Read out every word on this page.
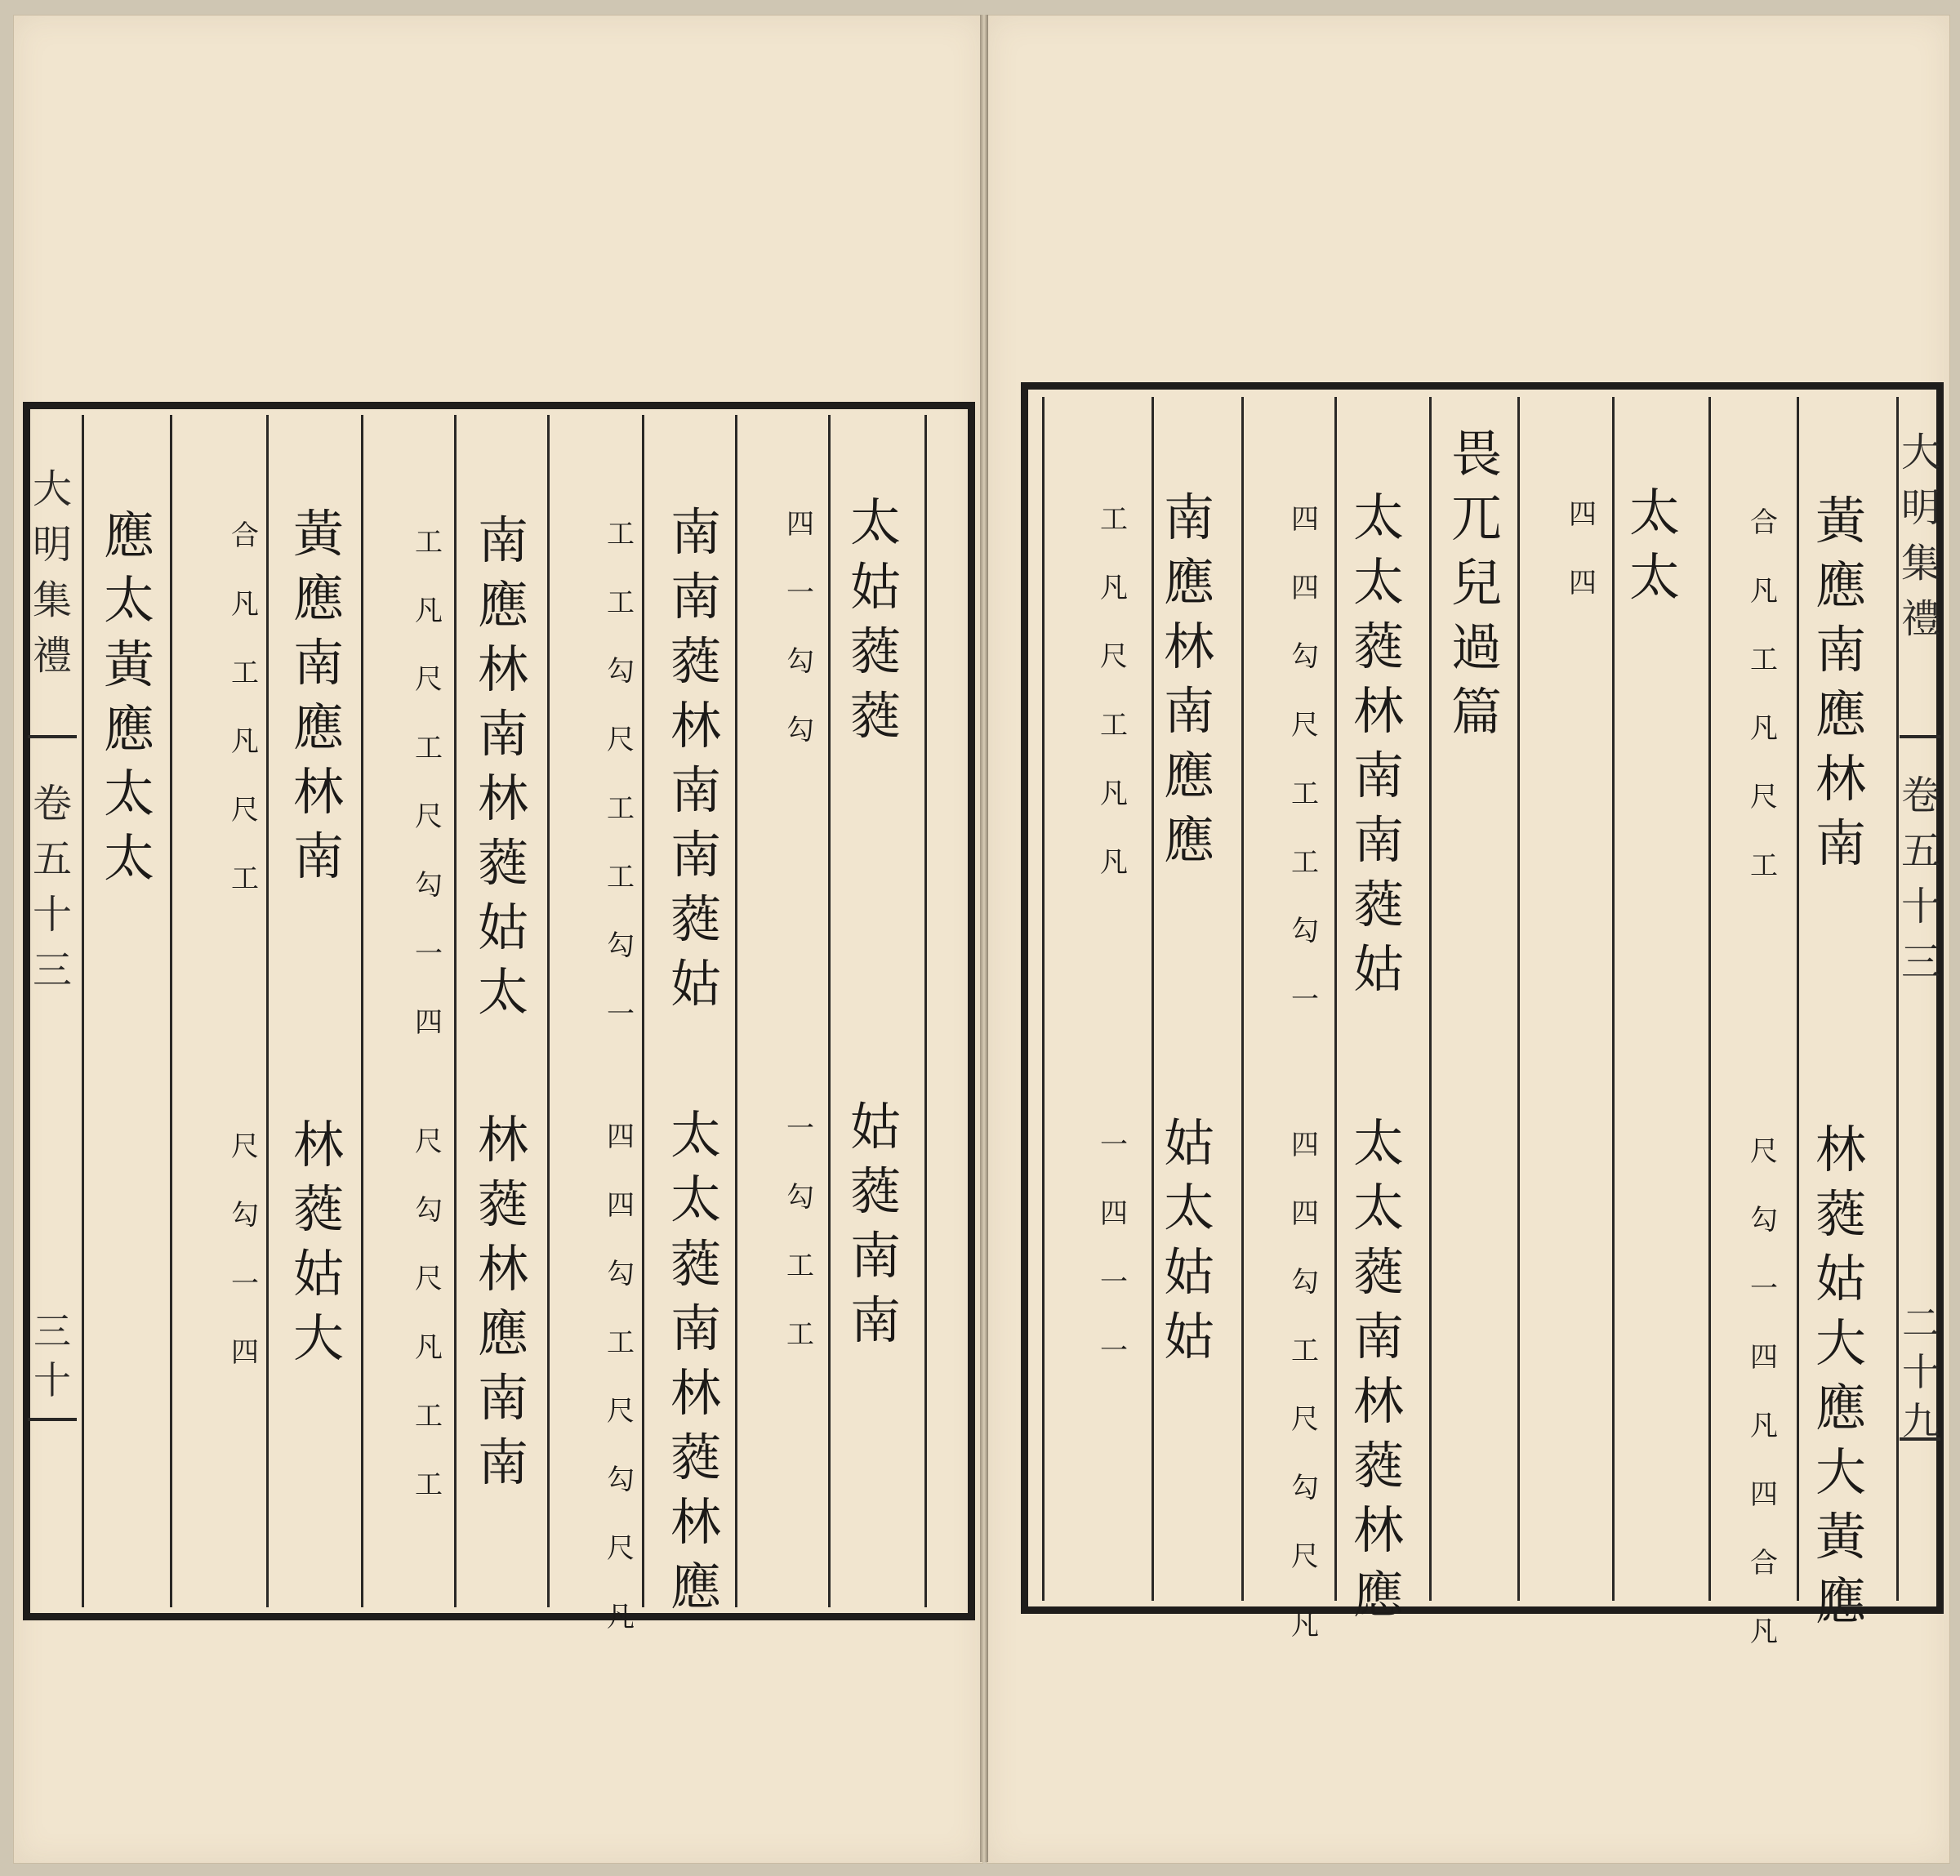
大
明
集
禮
卷
五
十
三
三
十
太
姑
蕤
蕤
四
一
勾
勾
姑
蕤
南
南
一
勾
工
工
南
南
蕤
林
南
南
蕤
姑
工
工
勾
尺
工
工
勾
一
太
太
蕤
南
林
蕤
林
應
四
四
勾
工
尺
勾
尺
凡
南
應
林
南
林
蕤
姑
太
工
凡
尺
工
尺
勾
一
四
林
蕤
林
應
南
南
尺
勾
尺
凡
工
工
黃
應
南
應
林
南
合
凡
工
凡
尺
工
林
蕤
姑
大
尺
勾
一
四
應
太
黃
應
太
太
大
明
集
禮
卷
五
十
三
二
十
九
黃
應
南
應
林
南
合
凡
工
凡
尺
工
林
蕤
姑
大
應
大
黃
應
尺
勾
一
四
凡
四
合
凡
太
太
四
四
畏
兀
兒
過
篇
太
太
蕤
林
南
南
蕤
姑
四
四
勾
尺
工
工
勾
一
太
太
蕤
南
林
蕤
林
應
四
四
勾
工
尺
勾
尺
凡
南
應
林
南
應
應
工
凡
尺
工
凡
凡
姑
太
姑
姑
一
四
一
一
